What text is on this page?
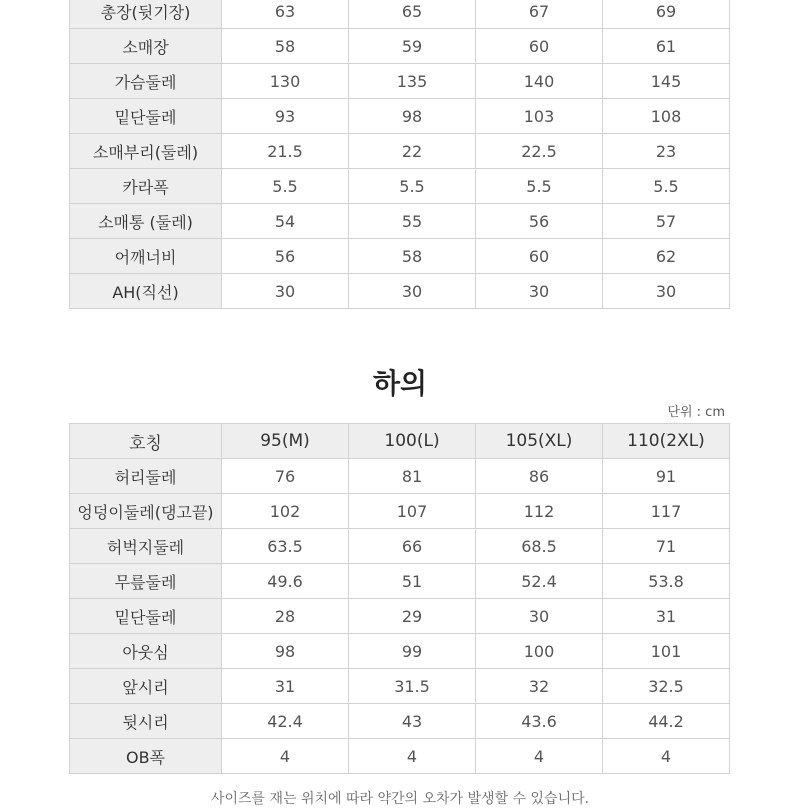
총장(뒷기장)	63	65	67	69
소매장	58	59	60	61
가슴둘레	130	135	140	145
밑단둘레	93	98	103	108
소매부리(둘레)	21.5	22	22.5	23
카라폭	5.5	5.5	5.5	5.5
소매통 (둘레)	54	55	56	57
어깨너비	56	58	60	62
AH(직선)	30	30	30	30
하의
단위 : cm
호칭	95(M)	100(L)	105(XL)	110(2XL)
허리둘레	76	81	86	91
엉덩이둘레(댕고끝)	102	107	112	117
허벅지둘레	63.5	66	68.5	71
무릎둘레	49.6	51	52.4	53.8
밑단둘레	28	29	30	31
아웃심	98	99	100	101
앞시리	31	31.5	32	32.5
뒷시리	42.4	43	43.6	44.2
OB폭	4	4	4	4
사이즈를 재는 위치에 따라 약간의 오차가 발생할 수 있습니다.
